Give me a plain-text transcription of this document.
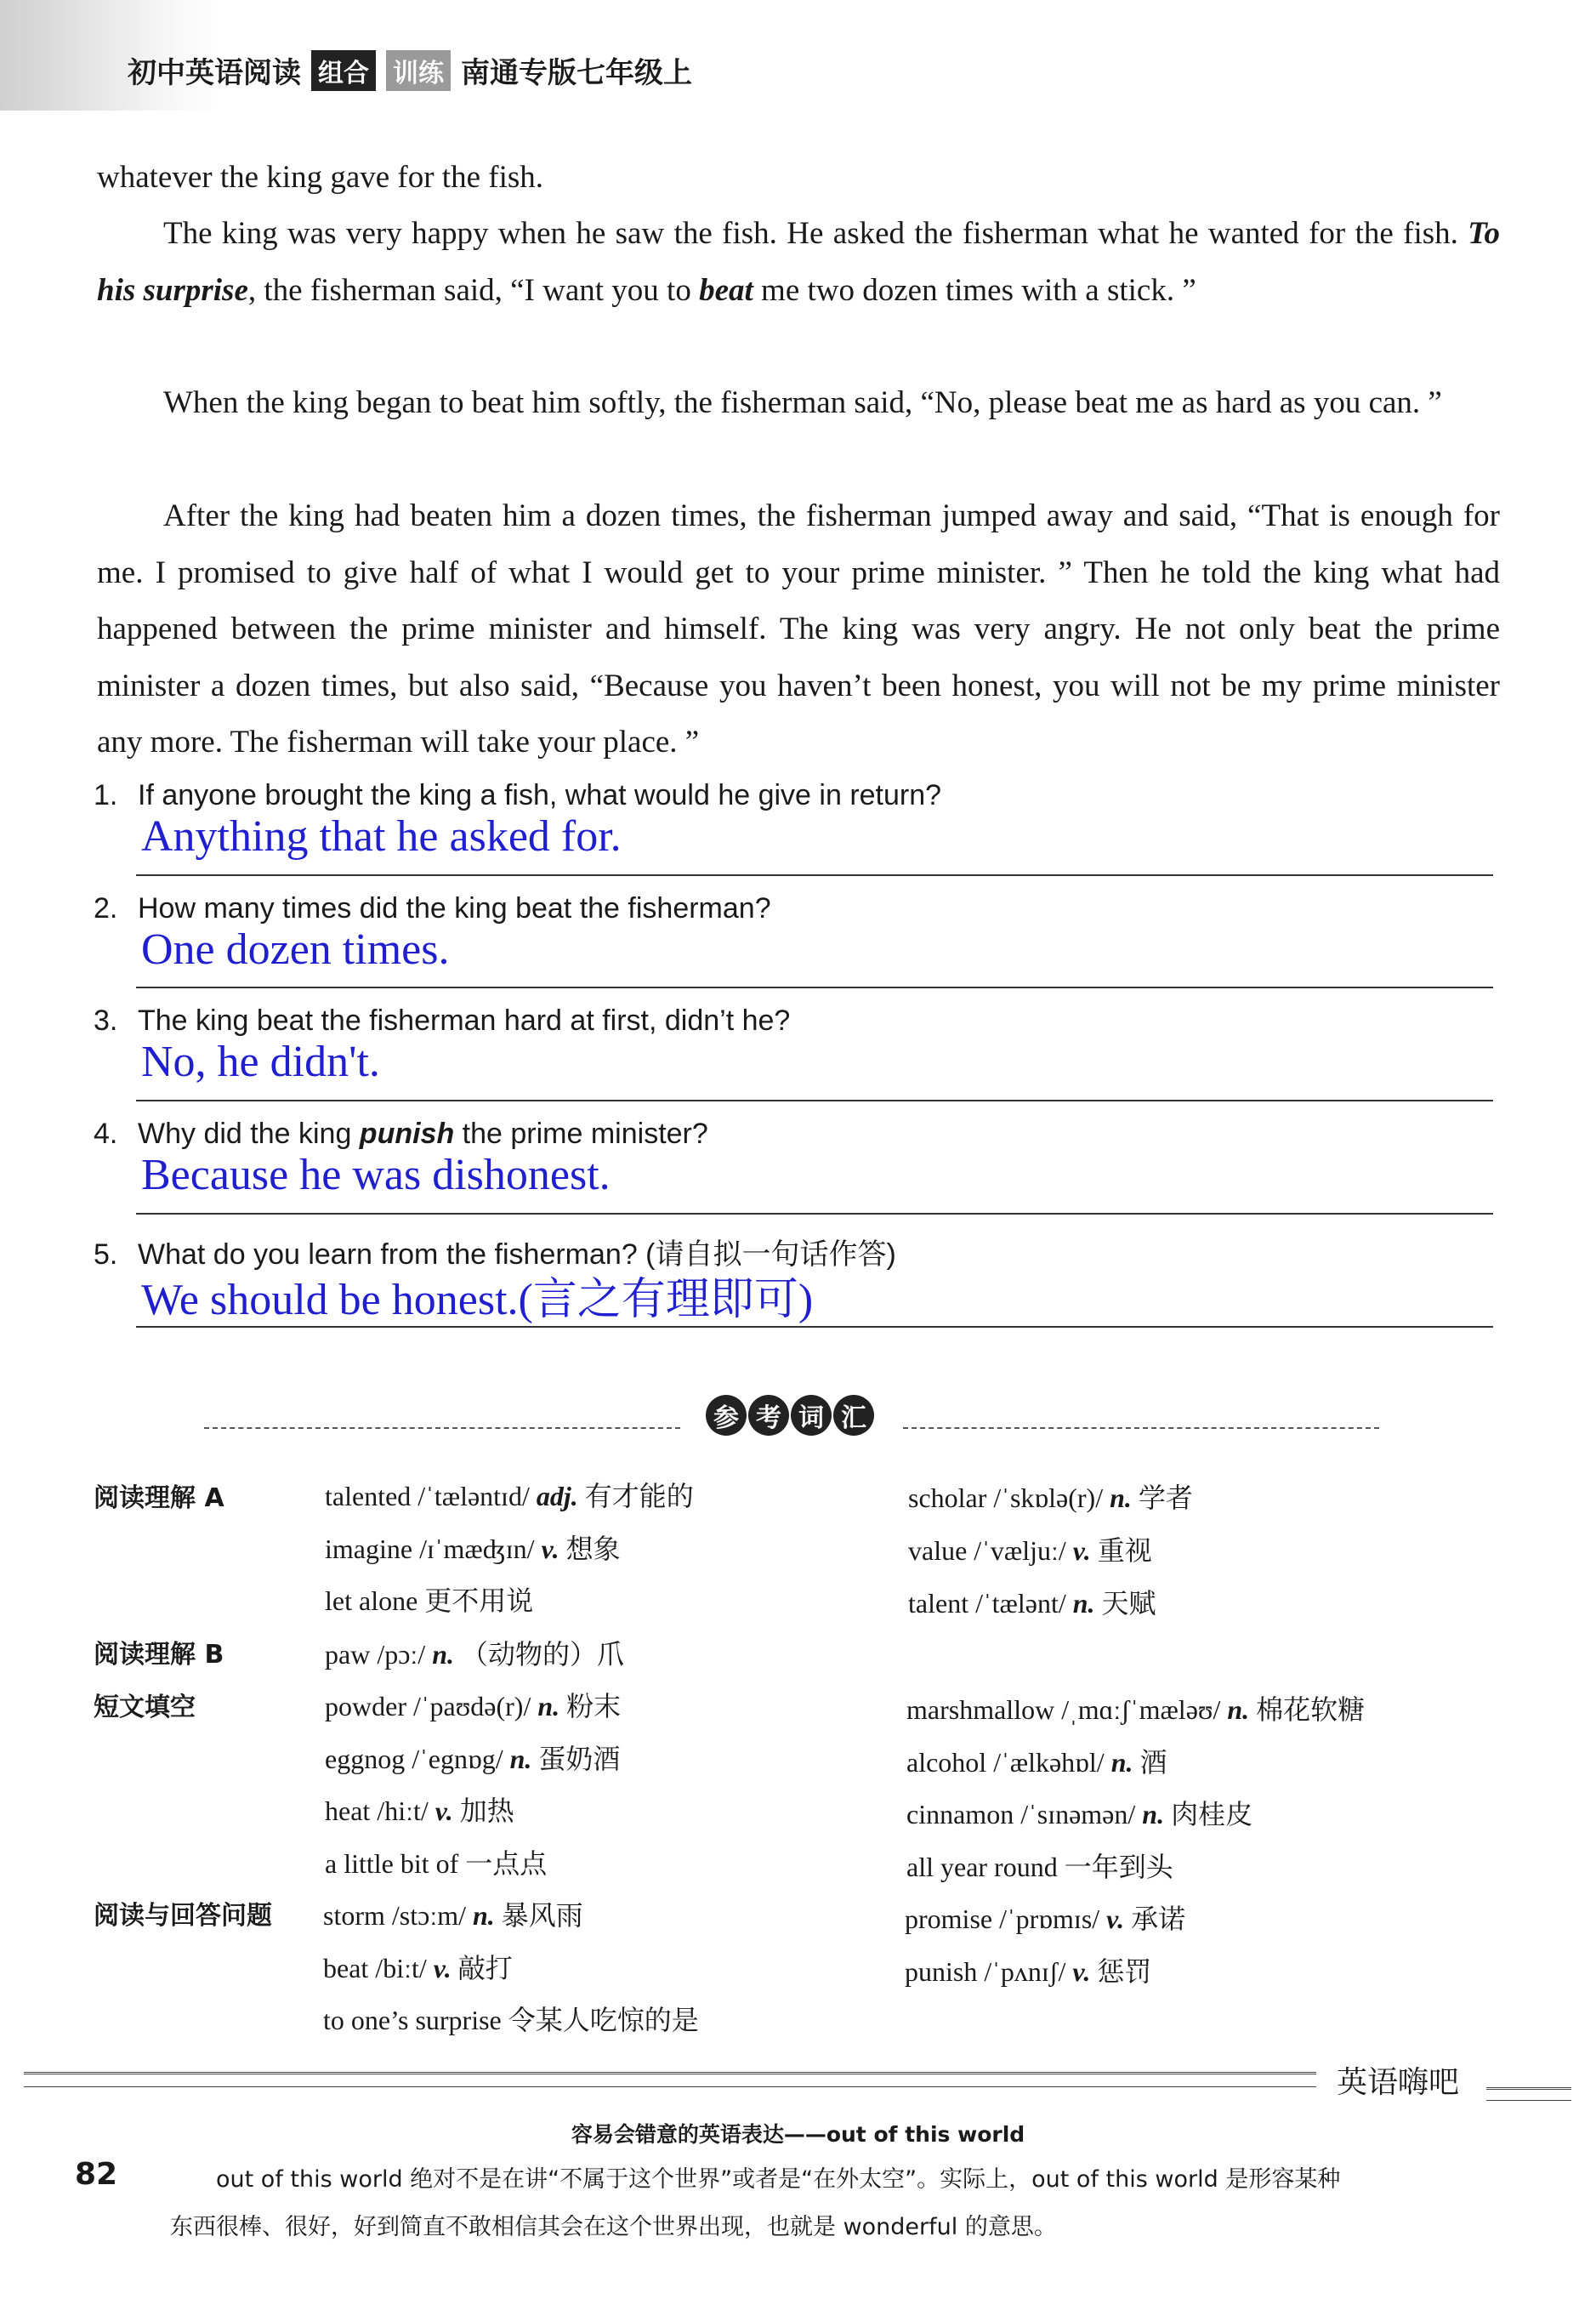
初中英语阅读 组合 训练 南通专版七年级上
whatever the king gave for the fish.
The king was very happy when he saw the fish. He asked the fisherman what he wanted for the fish. To his surprise, the fisherman said, “I want you to beat me two dozen times with a stick. ”
When the king began to beat him softly, the fisherman said, “No, please beat me as hard as you can. ”
After the king had beaten him a dozen times, the fisherman jumped away and said, “That is enough for me. I promised to give half of what I would get to your prime minister. ” Then he told the king what had happened between the prime minister and himself. The king was very angry. He not only beat the prime minister a dozen times, but also said, “Because you haven’t been honest, you will not be my prime minister any more. The fisherman will take your place. ”
1. If anyone brought the king a fish, what would he give in return?
Anything that he asked for.
2. How many times did the king beat the fisherman?
One dozen times.
3. The king beat the fisherman hard at first, didn’t he?
No, he didn't.
4. Why did the king punish the prime minister?
Because he was dishonest.
5. What do you learn from the fisherman? (请自拟一句话作答)
We should be honest.(言之有理即可)
参 考 词 汇
阅读理解 A
阅读理解 B
短文填空
阅读与回答问题
talented /ˈtæləntɪd/ adj. 有才能的
imagine /ɪˈmæʤɪn/ v. 想象
let alone 更不用说
paw /pɔː/ n. （动物的）爪
powder /ˈpaʊdə(r)/ n. 粉末
eggnog /ˈegnɒg/ n. 蛋奶酒
heat /hiːt/ v. 加热
a little bit of 一点点
storm /stɔːm/ n. 暴风雨
beat /biːt/ v. 敲打
to one’s surprise 令某人吃惊的是
scholar /ˈskɒlə(r)/ n. 学者
value /ˈvæljuː/ v. 重视
talent /ˈtælənt/ n. 天赋
marshmallow /ˌmɑːʃˈmæləʊ/ n. 棉花软糖
alcohol /ˈælkəhɒl/ n. 酒
cinnamon /ˈsɪnəmən/ n. 肉桂皮
all year round 一年到头
promise /ˈprɒmɪs/ v. 承诺
punish /ˈpʌnɪʃ/ v. 惩罚
英语嗨吧
容易会错意的英语表达——out of this world
82	out of this world 绝对不是在讲“不属于这个世界”或者是“在外太空”。实际上，out of this world 是形容某种
东西很棒、很好，好到简直不敢相信其会在这个世界出现，也就是 wonderful 的意思。
